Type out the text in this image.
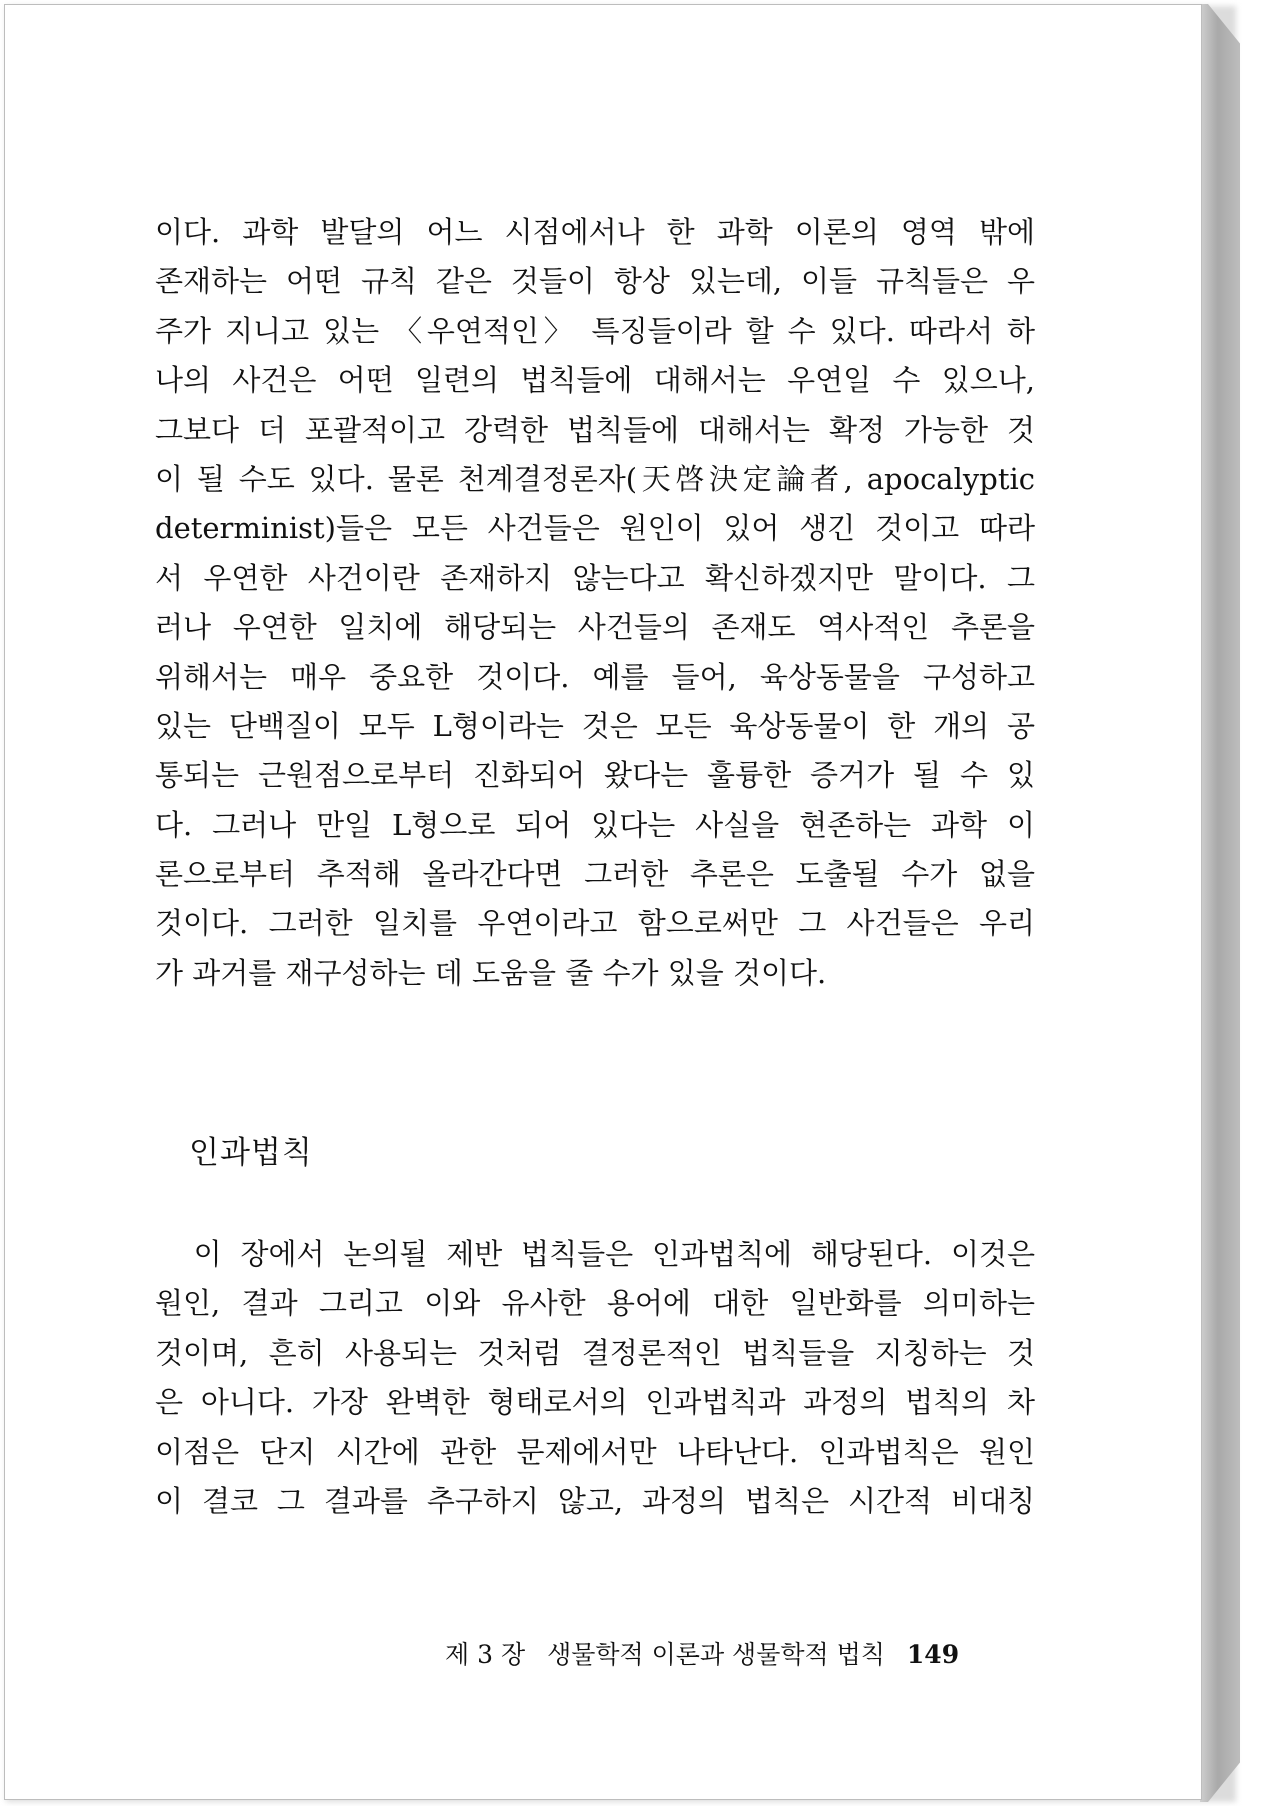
이다. 과학 발달의 어느 시점에서나 한 과학 이론의 영역 밖에
존재하는 어떤 규칙 같은 것들이 항상 있는데, 이들 규칙들은 우
주가 지니고 있는 〈우연적인〉 특징들이라 할 수 있다. 따라서 하
나의 사건은 어떤 일련의 법칙들에 대해서는 우연일 수 있으나,
그보다 더 포괄적이고 강력한 법칙들에 대해서는 확정 가능한 것
이 될 수도 있다. 물론 천계결정론자(天啓決定論者, apocalyptic
determinist)들은 모든 사건들은 원인이 있어 생긴 것이고 따라
서 우연한 사건이란 존재하지 않는다고 확신하겠지만 말이다. 그
러나 우연한 일치에 해당되는 사건들의 존재도 역사적인 추론을
위해서는 매우 중요한 것이다. 예를 들어, 육상동물을 구성하고
있는 단백질이 모두 L형이라는 것은 모든 육상동물이 한 개의 공
통되는 근원점으로부터 진화되어 왔다는 훌륭한 증거가 될 수 있
다. 그러나 만일 L형으로 되어 있다는 사실을 현존하는 과학 이
론으로부터 추적해 올라간다면 그러한 추론은 도출될 수가 없을
것이다. 그러한 일치를 우연이라고 함으로써만 그 사건들은 우리
가 과거를 재구성하는 데 도움을 줄 수가 있을 것이다.
인과법칙
　이 장에서 논의될 제반 법칙들은 인과법칙에 해당된다. 이것은
원인, 결과 그리고 이와 유사한 용어에 대한 일반화를 의미하는
것이며, 흔히 사용되는 것처럼 결정론적인 법칙들을 지칭하는 것
은 아니다. 가장 완벽한 형태로서의 인과법칙과 과정의 법칙의 차
이점은 단지 시간에 관한 문제에서만 나타난다. 인과법칙은 원인
이 결코 그 결과를 추구하지 않고, 과정의 법칙은 시간적 비대칭
제 3 장 생물학적 이론과 생물학적 법칙 149
